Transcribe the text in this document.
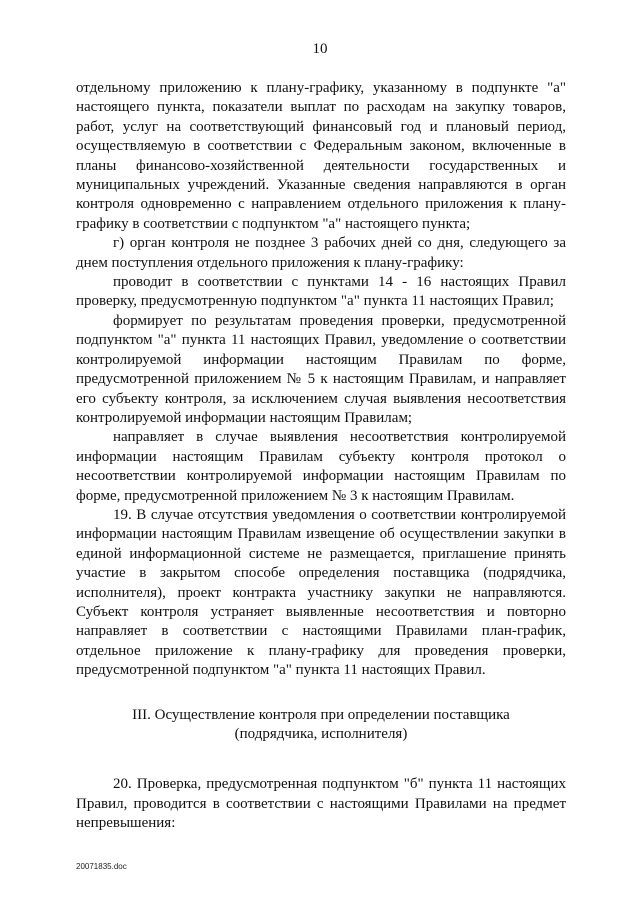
10

отдельному приложению к плану-графику, указанному в подпункте "а" настоящего пункта, показатели выплат по расходам на закупку товаров, работ, услуг на соответствующий финансовый год и плановый период, осуществляемую в соответствии с Федеральным законом, включенные в планы финансово-хозяйственной деятельности государственных и муниципальных учреждений. Указанные сведения направляются в орган контроля одновременно с направлением отдельного приложения к плану-графику в соответствии с подпунктом "а" настоящего пункта;

г) орган контроля не позднее 3 рабочих дней со дня, следующего за днем поступления отдельного приложения к плану-графику:

проводит в соответствии с пунктами 14 - 16 настоящих Правил проверку, предусмотренную подпунктом "а" пункта 11 настоящих Правил;

формирует по результатам проведения проверки, предусмотренной подпунктом "а" пункта 11 настоящих Правил, уведомление о соответствии контролируемой информации настоящим Правилам по форме, предусмотренной приложением № 5 к настоящим Правилам, и направляет его субъекту контроля, за исключением случая выявления несоответствия контролируемой информации настоящим Правилам;

направляет в случае выявления несоответствия контролируемой информации настоящим Правилам субъекту контроля протокол о несоответствии контролируемой информации настоящим Правилам по форме, предусмотренной приложением № 3 к настоящим Правилам.

19. В случае отсутствия уведомления о соответствии контролируемой информации настоящим Правилам извещение об осуществлении закупки в единой информационной системе не размещается, приглашение принять участие в закрытом способе определения поставщика (подрядчика, исполнителя), проект контракта участнику закупки не направляются. Субъект контроля устраняет выявленные несоответствия и повторно направляет в соответствии с настоящими Правилами план-график, отдельное приложение к плану-графику для проведения проверки, предусмотренной подпунктом "а" пункта 11 настоящих Правил.

III. Осуществление контроля при определении поставщика
(подрядчика, исполнителя)

20. Проверка, предусмотренная подпунктом "б" пункта 11 настоящих Правил, проводится в соответствии с настоящими Правилами на предмет непревышения:

20071835.doc
